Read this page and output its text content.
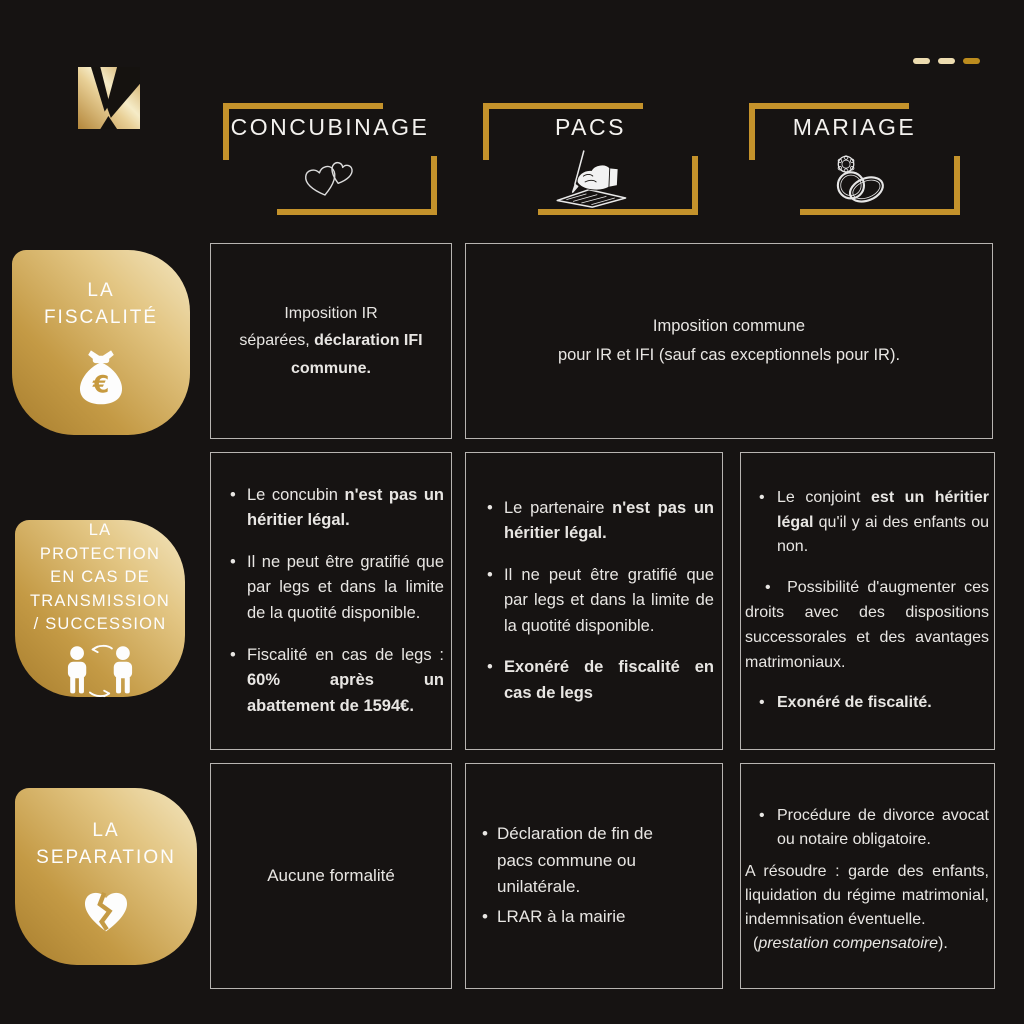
CONCUBINAGE	PACS	MARIAGE
LA
FISCALITÉ
€
LA
PROTECTION
EN CAS DE
TRANSMISSION
/ SUCCESSION
LA
SEPARATION
Imposition IR
séparées, déclaration IFI
commune.
Imposition commune
pour IR et IFI (sauf cas exceptionnels pour IR).
• Le concubin n'est pas un héritier légal.
• Il ne peut être gratifié que par legs et dans la limite de la quotité disponible.
• Fiscalité en cas de legs : 60% après un abattement de 1594€.
• Le partenaire n'est pas un héritier légal.
• Il ne peut être gratifié que par legs et dans la limite de la quotité disponible.
• Exonéré de fiscalité en cas de legs
• Le conjoint est un héritier légal qu'il y ai des enfants ou non.
• Possibilité d'augmenter ces droits avec des dispositions successorales et des avantages matrimoniaux.
• Exonéré de fiscalité.
Aucune formalité
• Déclaration de fin de pacs commune ou unilatérale.
• LRAR à la mairie
• Procédure de divorce avocat ou notaire obligatoire.
A résoudre : garde des enfants, liquidation du régime matrimonial, indemnisation éventuelle.
(prestation compensatoire).
